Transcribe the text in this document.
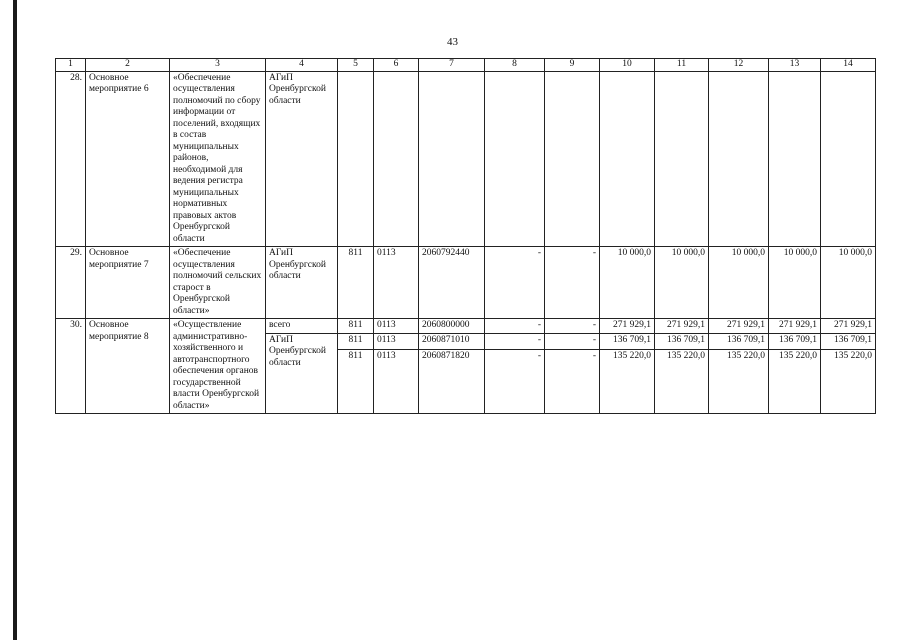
43
1	2	3	4	5	6	7	8	9	10	11	12	13	14
28.	Основное мероприятие 6	«Обеспечение осуществления полномочий по сбору информации от поселений, входящих в состав муниципальных районов, необходимой для ведения регистра муниципальных нормативных правовых актов Оренбургской области	АГиП Оренбургской области										
29.	Основное мероприятие 7	«Обеспечение осуществления полномочий сельских старост в Оренбургской области»	АГиП Оренбургской области	811	0113	2060792440	-	-	10 000,0	10 000,0	10 000,0	10 000,0	10 000,0
30.	Основное мероприятие 8	«Осуществление административно-хозяйственного и автотранспортного обеспечения органов государственной власти Оренбургской области»	всего	811	0113	2060800000	-	-	271 929,1	271 929,1	271 929,1	271 929,1	271 929,1
			АГиП Оренбургской области	811	0113	2060871010	-	-	136 709,1	136 709,1	136 709,1	136 709,1	136 709,1
				811	0113	2060871820	-	-	135 220,0	135 220,0	135 220,0	135 220,0	135 220,0
